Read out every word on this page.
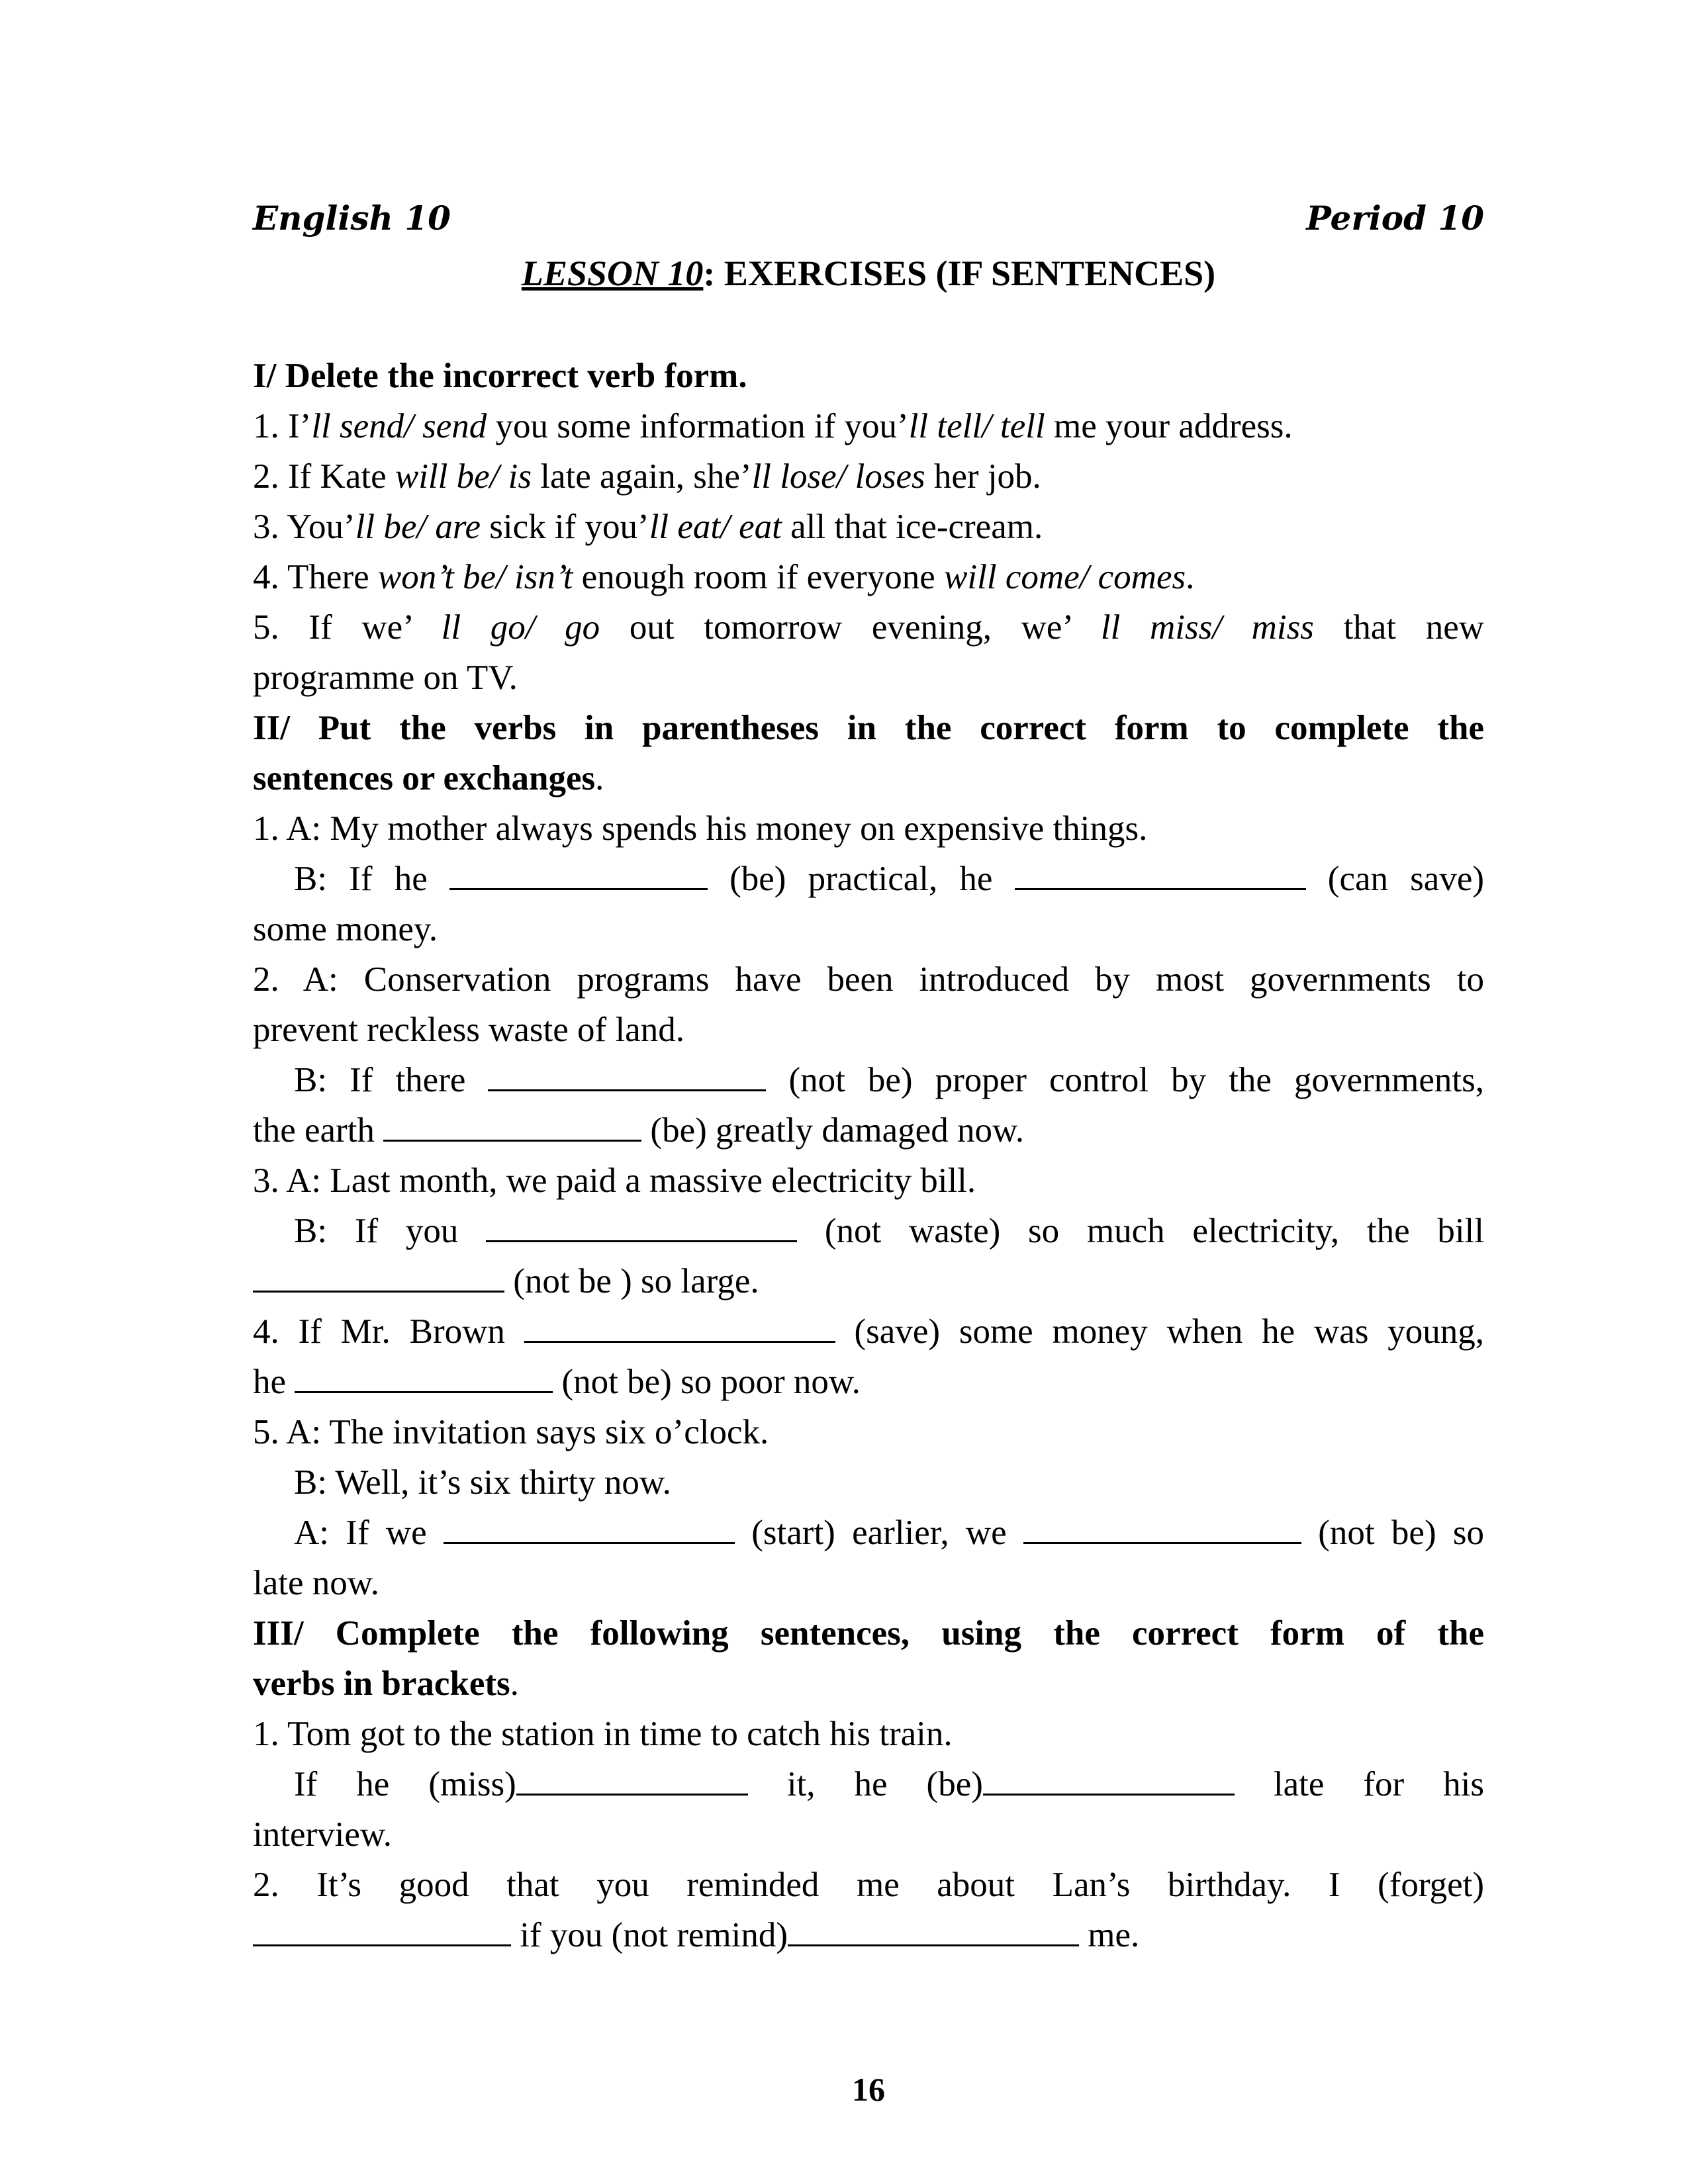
English 10	Period 10
LESSON 10: EXERCISES (IF SENTENCES)
I/ Delete the incorrect verb form.
1. I’ll send/ send you some information if you’ll tell/ tell me your address.
2. If Kate will be/ is late again, she’ll lose/ loses her job.
3. You’ll be/ are sick if you’ll eat/ eat all that ice-cream.
4. There won’t be/ isn’t enough room if everyone will come/ comes.
5. If we’ ll go/ go out tomorrow evening, we’ ll miss/ miss that new
programme on TV.
II/ Put the verbs in parentheses in the correct form to complete the
sentences or exchanges.
1. A: My mother always spends his money on expensive things.
B: If he	(be) practical, he	(can save)
some money.
2. A: Conservation programs have been introduced by most governments to
prevent reckless waste of land.
B: If there	(not be) proper control by the governments,
the earth	(be) greatly damaged now.
3. A: Last month, we paid a massive electricity bill.
B: If you	(not waste) so much electricity, the bill
(not be ) so large.
4. If Mr. Brown	(save) some money when he was young,
he	(not be) so poor now.
5. A: The invitation says six o’clock.
B: Well, it’s six thirty now.
A: If we	(start) earlier, we	(not be) so
late now.
III/ Complete the following sentences, using the correct form of the
verbs in brackets.
1. Tom got to the station in time to catch his train.
If he (miss)	it, he (be)	late for his
interview.
2. It’s good that you reminded me about Lan’s birthday. I (forget)
if you (not remind)	me.
16
